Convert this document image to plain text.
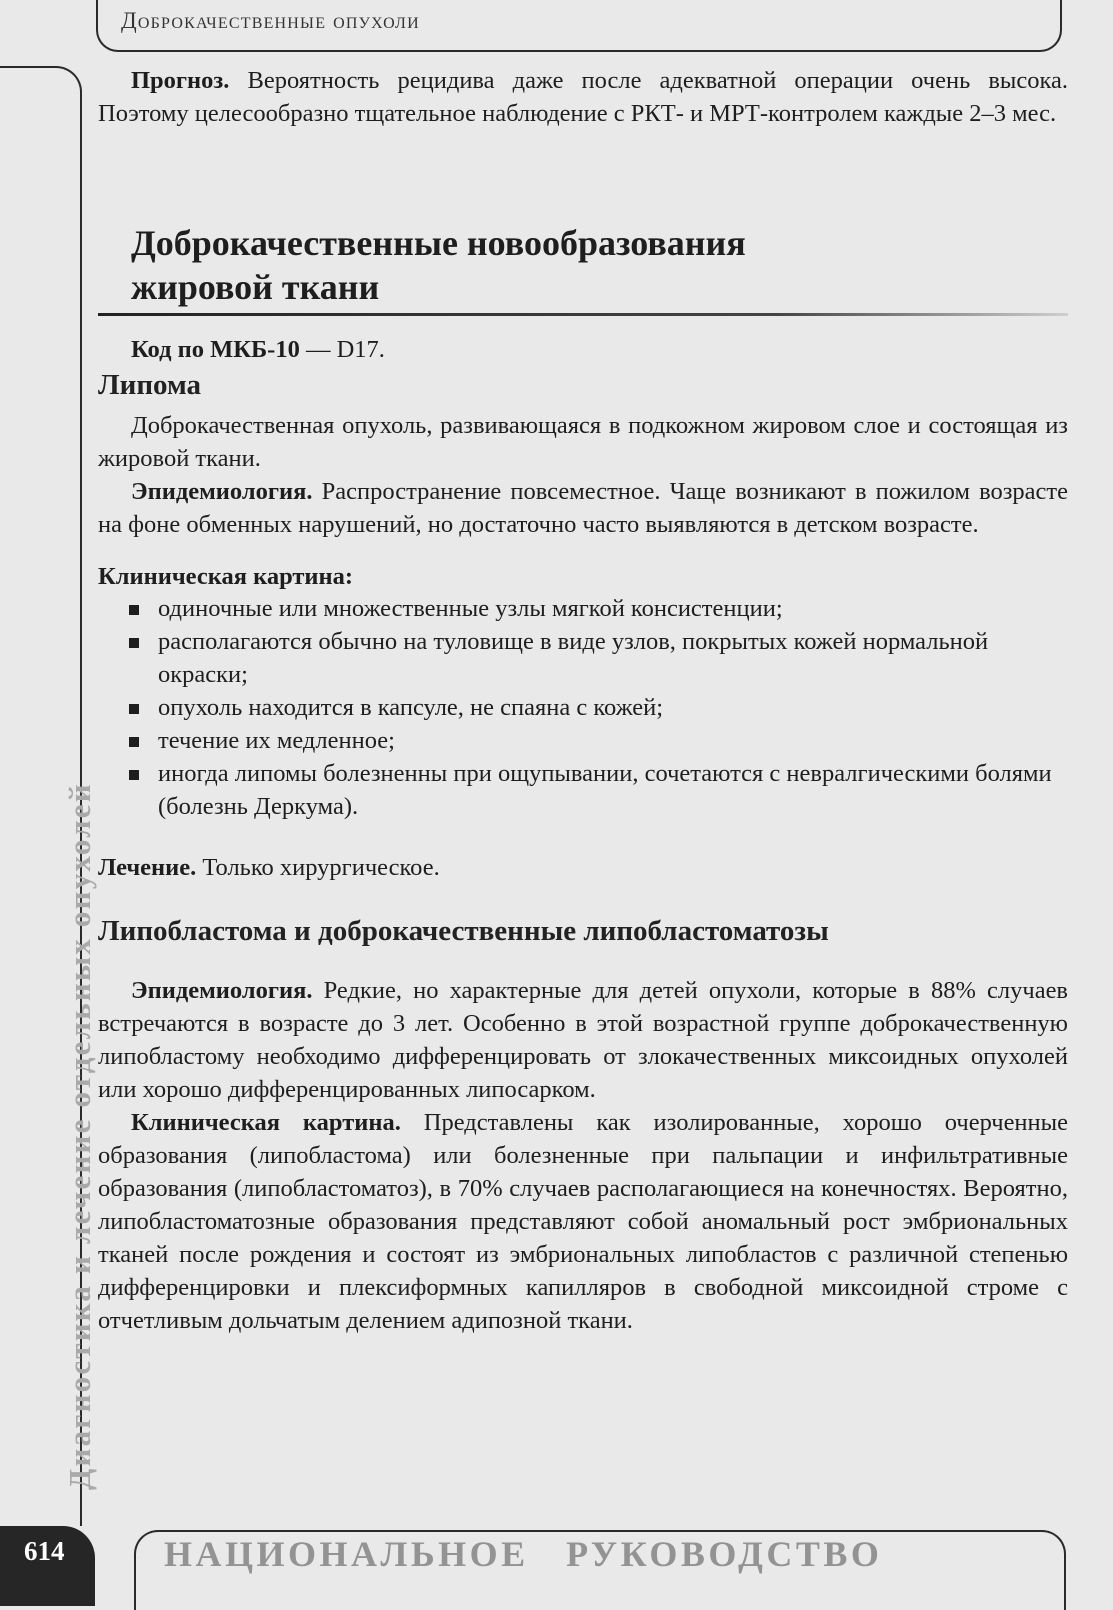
Доброкачественные опухоли
Диагностика и лечение отдельных опухолей

Прогноз. Вероятность рецидива даже после адекватной операции очень высока. Поэтому целесообразно тщательное наблюдение с РКТ- и МРТ-контролем каждые 2–3 мес.

Доброкачественные новообразования
жировой ткани

Код по МКБ-10 — D17.

Липома

Доброкачественная опухоль, развивающаяся в подкожном жировом слое и состоящая из жировой ткани.

Эпидемиология. Распространение повсеместное. Чаще возникают в пожилом возрасте на фоне обменных нарушений, но достаточно часто выявляются в детском возрасте.

Клиническая картина:

одиночные или множественные узлы мягкой консистенции;
располагаются обычно на туловище в виде узлов, покрытых кожей нормальной окраски;
опухоль находится в капсуле, не спаяна с кожей;
течение их медленное;
иногда липомы болезненны при ощупывании, сочетаются с невралгическими болями (болезнь Деркума).

Лечение. Только хирургическое.

Липобластома и доброкачественные липобластоматозы

Эпидемиология. Редкие, но характерные для детей опухоли, которые в 88% случаев встречаются в возрасте до 3 лет. Особенно в этой возрастной группе доброкачественную липобластому необходимо дифференцировать от злокачественных миксоидных опухолей или хорошо дифференцированных липосарком.

Клиническая картина. Представлены как изолированные, хорошо очерченные образования (липобластома) или болезненные при пальпации и инфильтративные образования (липобластоматоз), в 70% случаев располагающиеся на конечностях. Вероятно, липобластоматозные образования представляют собой аномальный рост эмбриональных тканей после рождения и состоят из эмбриональных липобластов с различной степенью дифференцировки и плексиформных капилляров в свободной миксоидной строме с отчетливым дольчатым делением адипозной ткани.

614	НАЦИОНАЛЬНОЕ   РУКОВОДСТВО
